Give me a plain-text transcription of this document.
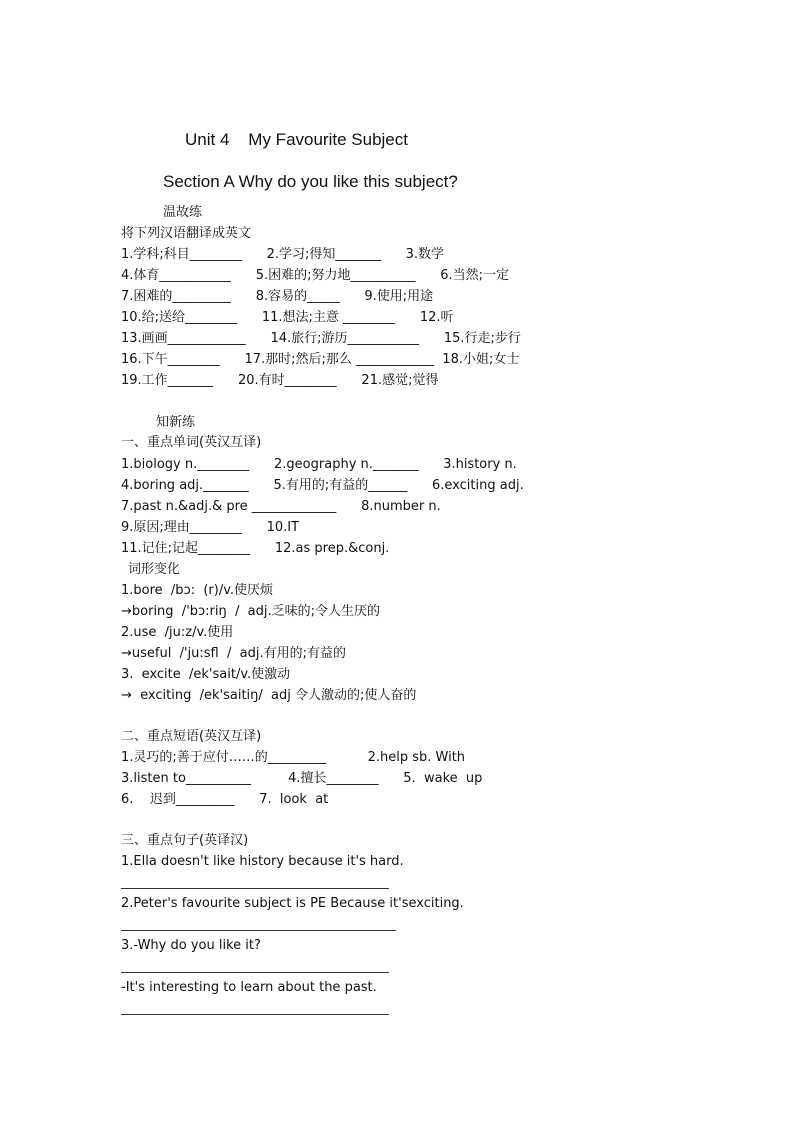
Unit 4    My Favourite Subject
Section A Why do you like this subject?
温故练
将下列汉语翻译成英文
1.学科;科目________      2.学习;得知_______      3.数学
4.体育___________      5.困难的;努力地__________      6.当然;一定
7.困难的_________      8.容易的_____      9.使用;用途
10.给;送给________      11.想法;主意 ________      12.听
13.画画____________      14.旅行;游历___________      15.行走;步行
16.下午________      17.那时;然后;那么 ____________  18.小姐;女士
19.工作_______      20.有时________      21.感觉;觉得
知新练
一、重点单词(英汉互译)
1.biology n.________      2.geography n._______      3.history n.
4.boring adj._______      5.有用的;有益的______      6.exciting adj.
7.past n.&adj.& pre _____________      8.number n.
9.原因;理由________      10.IT
11.记住;记起________      12.as prep.&conj.
词形变化
1.bore  /bɔ:  (r)/v.使厌烦
→boring  /'bɔ:riŋ  /  adj.乏味的;令人生厌的
2.use  /ju:z/v.使用
→useful  /'ju:sfl  /  adj.有用的;有益的
3.  excite  /ek'sait/v.使激动
→  exciting  /ek'saitiŋ/  adj 令人激动的;使人奋的
二、重点短语(英汉互译)
1.灵巧的;善于应付……的_________          2.help sb. With
3.listen to__________         4.擅长________      5.  wake  up
6.    迟到_________      7.  look  at
三、重点句子(英译汉)
1.Ella doesn't like history because it's hard.
2.Peter's favourite subject is PE Because it'sexciting.
3.-Why do you like it?
-It's interesting to learn about the past.
